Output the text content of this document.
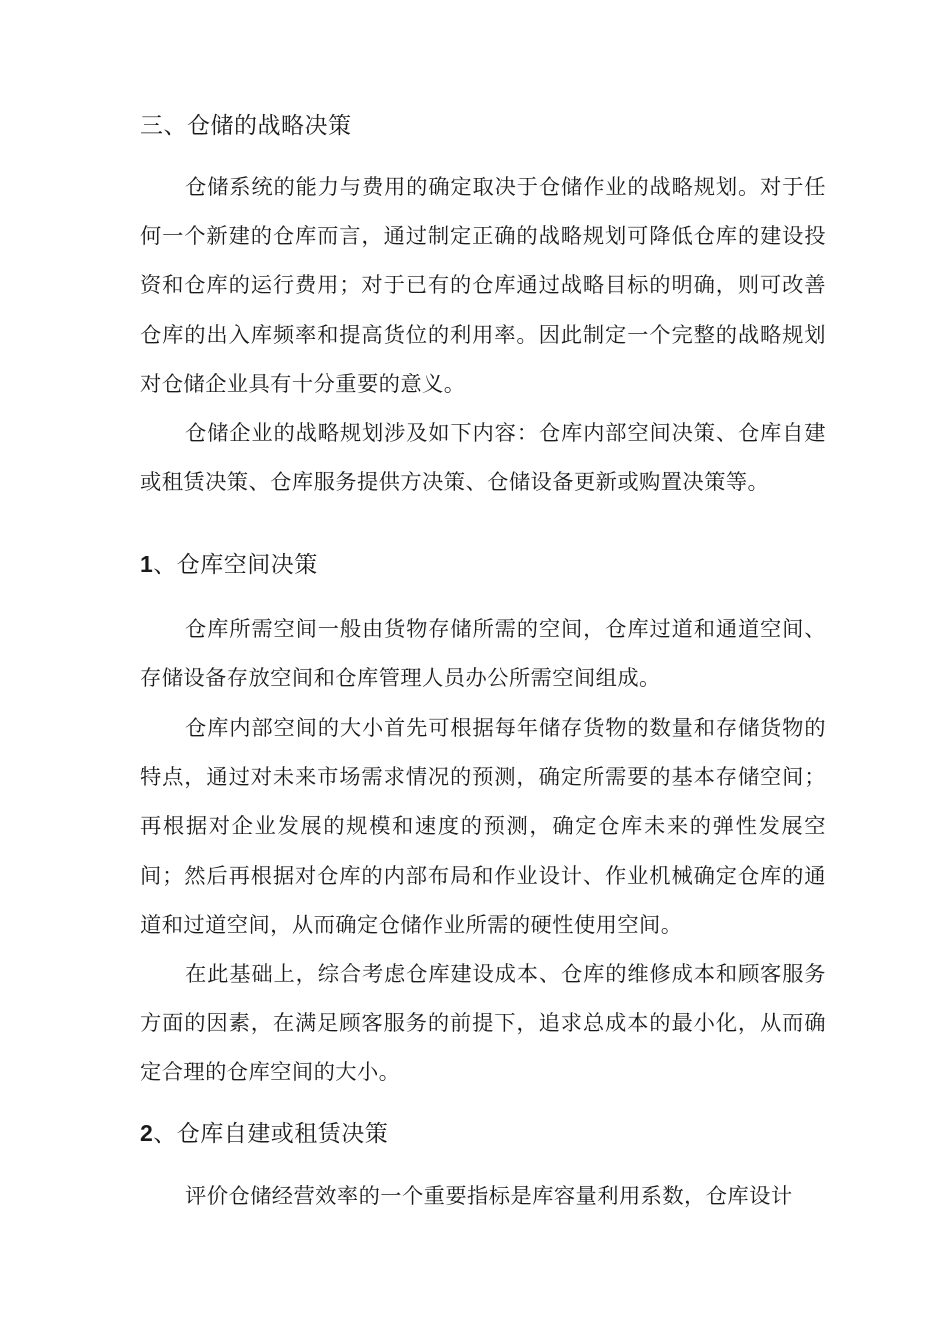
三、仓储的战略决策

仓储系统的能力与费用的确定取决于仓储作业的战略规划。对于任何一个新建的仓库而言，通过制定正确的战略规划可降低仓库的建设投资和仓库的运行费用；对于已有的仓库通过战略目标的明确，则可改善仓库的出入库频率和提高货位的利用率。因此制定一个完整的战略规划对仓储企业具有十分重要的意义。

仓储企业的战略规划涉及如下内容：仓库内部空间决策、仓库自建或租赁决策、仓库服务提供方决策、仓储设备更新或购置决策等。

1、仓库空间决策

仓库所需空间一般由货物存储所需的空间，仓库过道和通道空间、存储设备存放空间和仓库管理人员办公所需空间组成。

仓库内部空间的大小首先可根据每年储存货物的数量和存储货物的特点，通过对未来市场需求情况的预测，确定所需要的基本存储空间；再根据对企业发展的规模和速度的预测，确定仓库未来的弹性发展空间；然后再根据对仓库的内部布局和作业设计、作业机械确定仓库的通道和过道空间，从而确定仓储作业所需的硬性使用空间。

在此基础上，综合考虑仓库建设成本、仓库的维修成本和顾客服务方面的因素，在满足顾客服务的前提下，追求总成本的最小化，从而确定合理的仓库空间的大小。

2、仓库自建或租赁决策

评价仓储经营效率的一个重要指标是库容量利用系数，仓库设计
